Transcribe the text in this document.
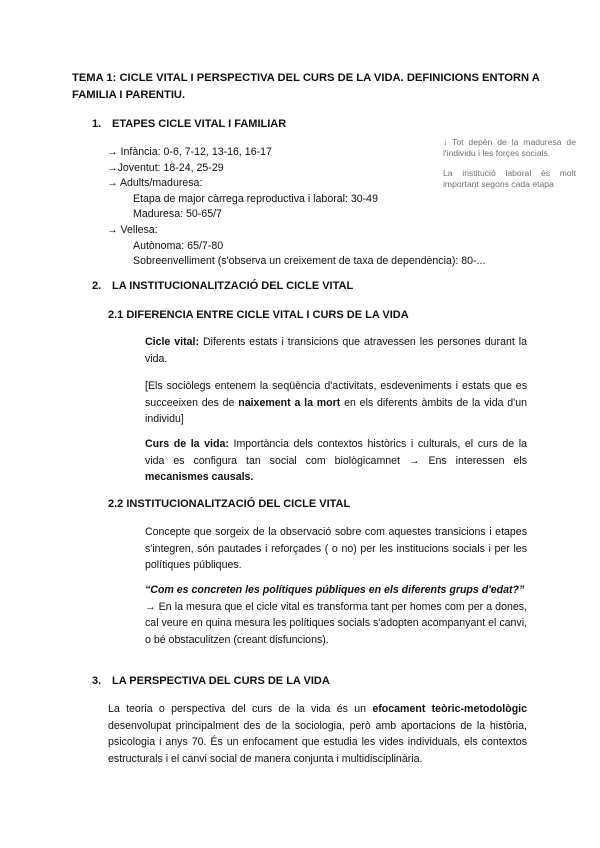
TEMA 1: CICLE VITAL I PERSPECTIVA DEL CURS DE LA VIDA. DEFINICIONS ENTORN A FAMILIA I PARENTIU.

1. ETAPES CICLE VITAL I FAMILIAR
→ Infància: 0-6, 7-12, 13-16, 16-17
→Joventut: 18-24, 25-29
→ Adults/maduresa:
Etapa de major càrrega reproductiva i laboral: 30-49
Maduresa: 50-65/7
→ Vellesa:
Autònoma: 65/7-80
Sobreenvelliment (s'observa un creixement de taxa de dependència): 80-...

↓ Tot depèn de la maduresa de l'individu i les forçes socials.

La institució laboral és molt important segons cada etapa

2. LA INSTITUCIONALITZACIÓ DEL CICLE VITAL
2.1 DIFERENCIA ENTRE CICLE VITAL I CURS DE LA VIDA

Cicle vital: Diferents estats i transicions que atravessen les persones durant la vida.

[Els sociòlegs entenem la seqüència d'activitats, esdeveniments i estats que es succeeixen des de naixement a la mort en els diferents àmbits de la vida d'un individu]

Curs de la vida: Importància dels contextos històrics i culturals, el curs de la vida es configura tan social com biològicamnet → Ens interessen els mecanismes causals.

2.2 INSTITUCIONALITZACIÓ DEL CICLE VITAL

Concepte que sorgeix de la observació sobre com aquestes transicions i etapes s'integren, són pautades i reforçades ( o no) per les institucions socials i per les polítiques públiques.

“Com es concreten les polítiques públiques en els diferents grups d'edat?”
→ En la mesura que el cicle vital es transforma tant per homes com per a dones, cal veure en quina mesura les polítiques socials s'adopten acompanyant el canvi, o bé obstaculitzen (creant disfuncions).

3. LA PERSPECTIVA DEL CURS DE LA VIDA

La teoria o perspectiva del curs de la vida és un efocament teòric-metodològic desenvolupat principalment des de la sociologia, però amb aportacions de la història, psicologia i anys 70. És un enfocament que estudia les vides individuals, els contextos estructurals i el canvi social de manera conjunta i multidisciplinària.
